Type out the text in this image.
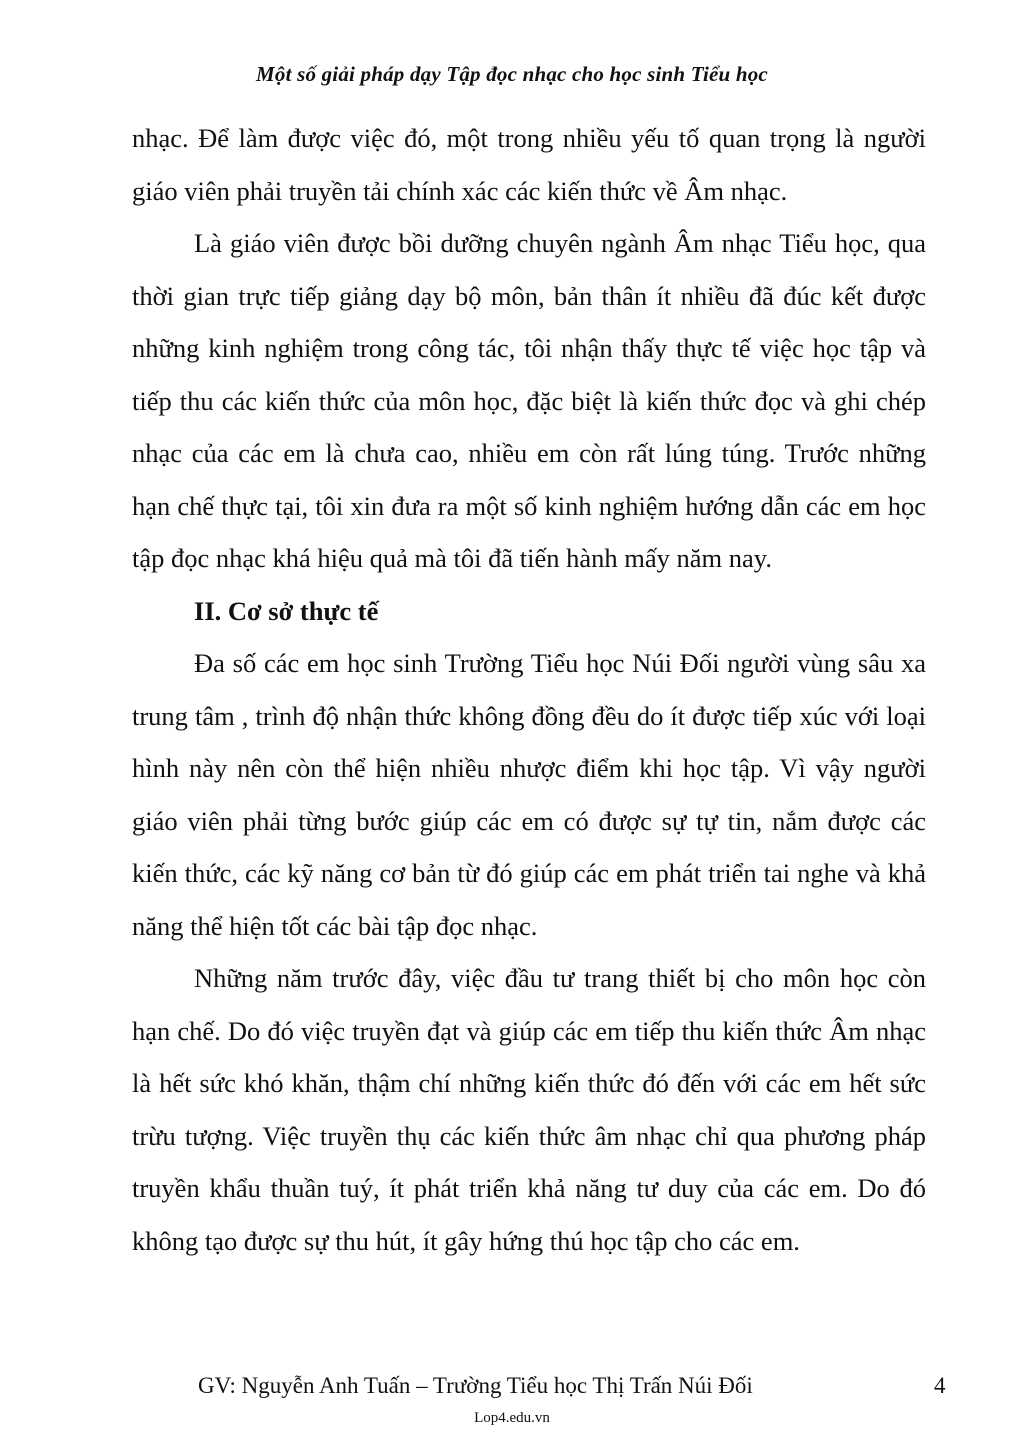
Một số giải pháp dạy Tập đọc nhạc cho học sinh Tiểu học

nhạc. Để làm được việc đó, một trong nhiều yếu tố quan trọng là người giáo viên phải truyền tải chính xác các kiến thức về Âm nhạc.

Là giáo viên được bồi dưỡng chuyên ngành Âm nhạc Tiểu học, qua thời gian trực tiếp giảng dạy bộ môn, bản thân ít nhiều đã đúc kết được những kinh nghiệm trong công tác, tôi nhận thấy thực tế việc học tập và tiếp thu các kiến thức của môn học, đặc biệt là kiến thức đọc và ghi chép nhạc của các em là chưa cao, nhiều em còn rất lúng túng. Trước những hạn chế thực tại, tôi xin đưa ra một số kinh nghiệm hướng dẫn các em học tập đọc nhạc khá hiệu quả mà tôi đã tiến hành mấy năm nay.

II. Cơ sở thực tế

Đa số các em học sinh Trường Tiểu học Núi Đối người vùng sâu xa trung tâm , trình độ nhận thức không đồng đều do ít được tiếp xúc với loại hình này nên còn thể hiện nhiều nhược điểm khi học tập. Vì vậy người giáo viên phải từng bước giúp các em có được sự tự tin, nắm được các kiến thức, các kỹ năng cơ bản từ đó giúp các em phát triển tai nghe và khả năng thể hiện tốt các bài tập đọc nhạc.

Những năm trước đây, việc đầu tư trang thiết bị cho môn học còn hạn chế. Do đó việc truyền đạt và giúp các em tiếp thu kiến thức Âm nhạc là hết sức khó khăn, thậm chí những kiến thức đó đến với các em hết sức trừu tượng. Việc truyền thụ các kiến thức âm nhạc chỉ qua phương pháp truyền khẩu thuần tuý, ít phát triển khả năng tư duy của các em. Do đó không tạo được sự thu hút, ít gây hứng thú học tập cho các em.

GV: Nguyễn Anh Tuấn – Trường Tiểu học Thị Trấn Núi Đối	4
Lop4.edu.vn
